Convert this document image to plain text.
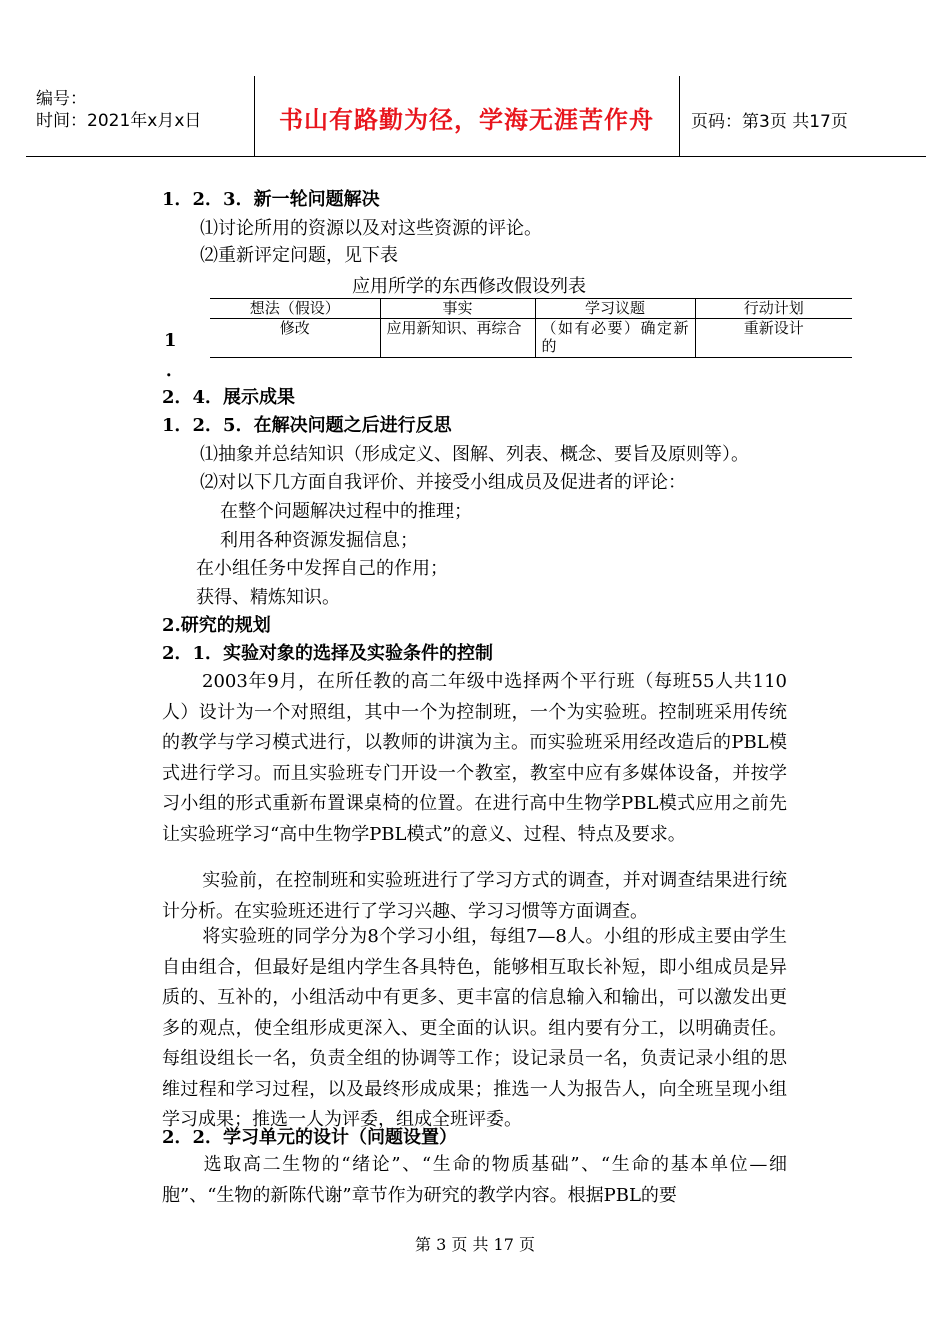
编号：
时间：2021年x月x日	书山有路勤为径，学海无涯苦作舟	页码：第3页 共17页
1．2．3．新一轮问题解决
⑴讨论所用的资源以及对这些资源的评论。
⑵重新评定问题，见下表
应用所学的东西修改假设列表
想法（假设）	事实	学习议题	行动计划
修改	应用新知识、再综合	（如有必要）确定新的	重新设计
1
．
2．4．展示成果
1．2．5．在解决问题之后进行反思
⑴抽象并总结知识（形成定义、图解、列表、概念、要旨及原则等）。
⑵对以下几方面自我评价、并接受小组成员及促进者的评论：
在整个问题解决过程中的推理；
利用各种资源发掘信息；
在小组任务中发挥自己的作用；
获得、精炼知识。
2.研究的规划
2．1．实验对象的选择及实验条件的控制
2003年9月，在所任教的高二年级中选择两个平行班（每班55人共110人）设计为一个对照组，其中一个为控制班，一个为实验班。控制班采用传统的教学与学习模式进行，以教师的讲演为主。而实验班采用经改造后的PBL模式进行学习。而且实验班专门开设一个教室，教室中应有多媒体设备，并按学习小组的形式重新布置课桌椅的位置。在进行高中生物学PBL模式应用之前先让实验班学习“高中生物学PBL模式”的意义、过程、特点及要求。
实验前，在控制班和实验班进行了学习方式的调查，并对调查结果进行统计分析。在实验班还进行了学习兴趣、学习习惯等方面调查。
将实验班的同学分为8个学习小组，每组7—8人。小组的形成主要由学生自由组合，但最好是组内学生各具特色，能够相互取长补短，即小组成员是异质的、互补的，小组活动中有更多、更丰富的信息输入和输出，可以激发出更多的观点，使全组形成更深入、更全面的认识。组内要有分工，以明确责任。每组设组长一名，负责全组的协调等工作；设记录员一名，负责记录小组的思维过程和学习过程，以及最终形成成果；推选一人为报告人，向全班呈现小组学习成果；推选一人为评委，组成全班评委。
2．2．学习单元的设计（问题设置）
选取高二生物的“绪论”、“生命的物质基础”、“生命的基本单位—细胞”、“生物的新陈代谢”章节作为研究的教学内容。根据PBL的要
第 3 页 共 17 页
